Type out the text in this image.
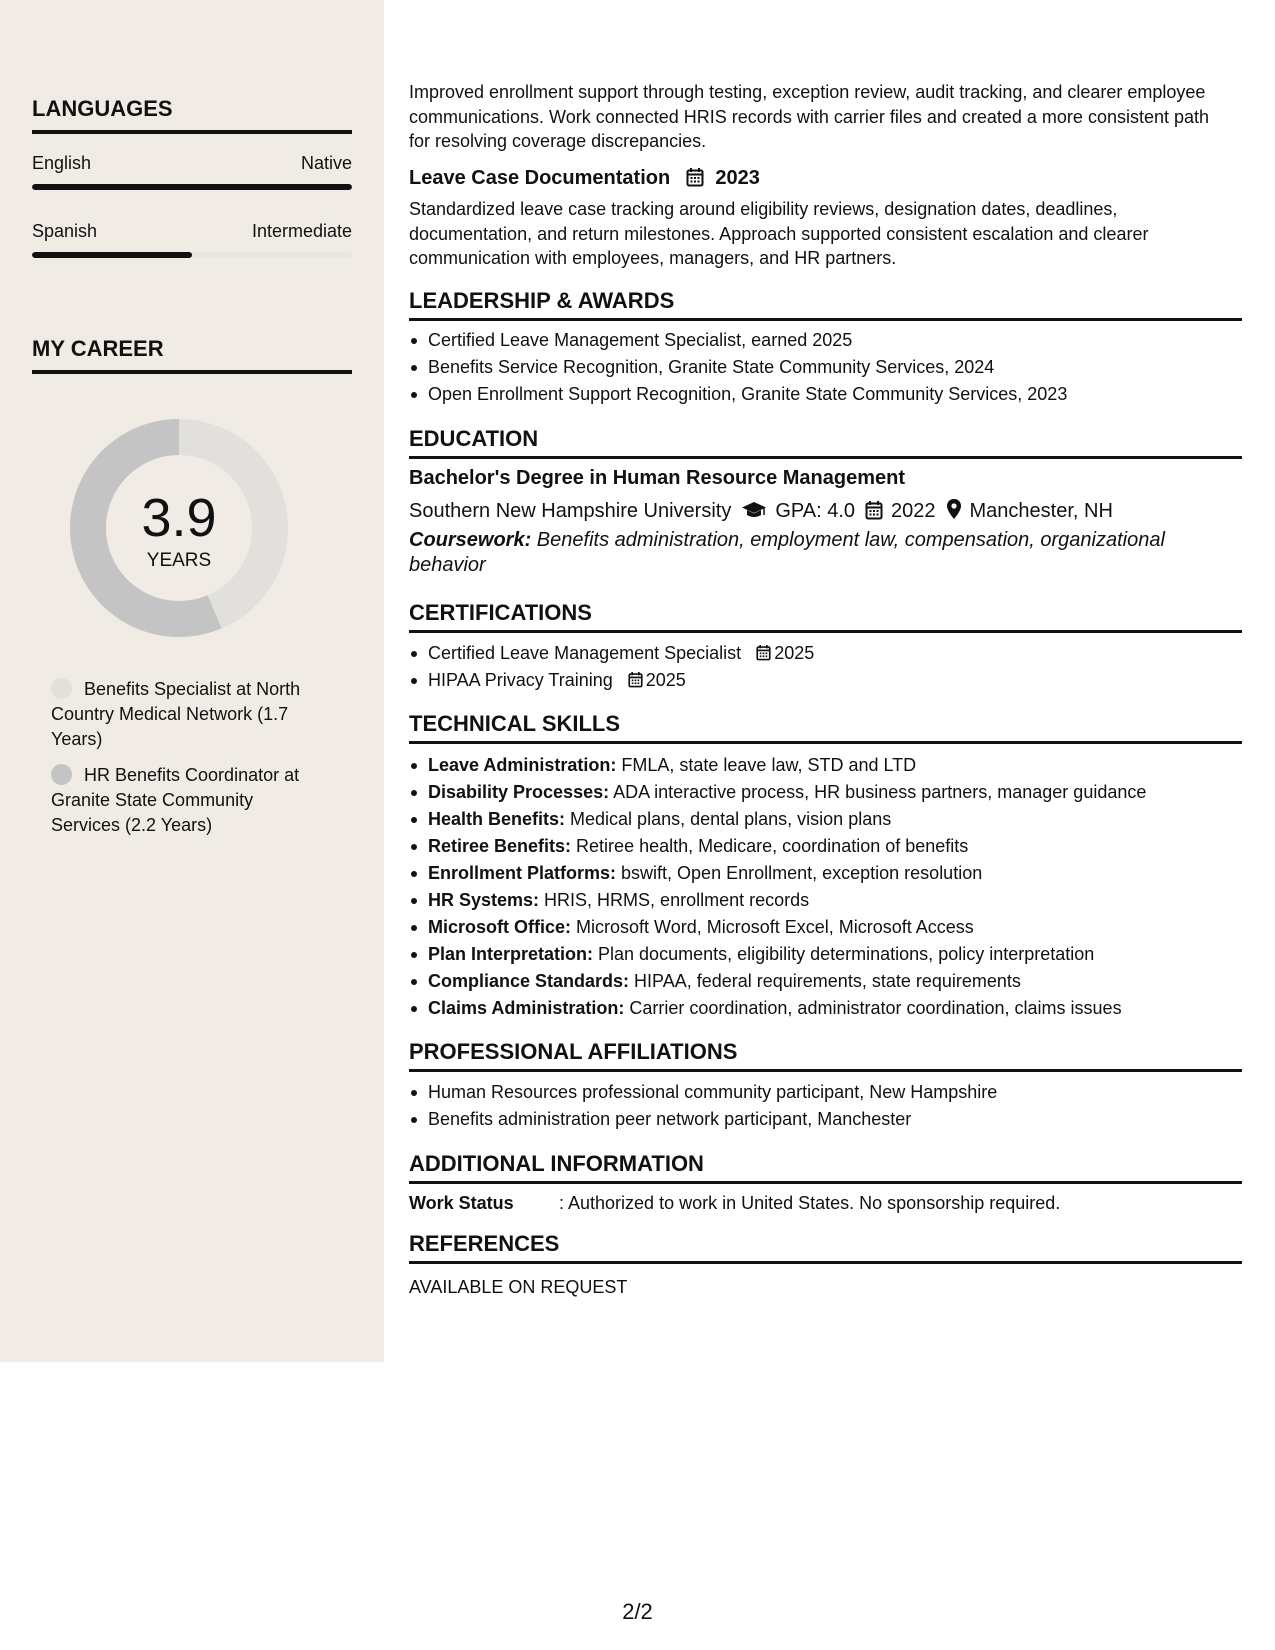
LANGUAGES
English	Native
Spanish	Intermediate
MY CAREER
3.9
YEARS
Benefits Specialist at North Country Medical Network (1.7 Years)
HR Benefits Coordinator at Granite State Community Services (2.2 Years)
Improved enrollment support through testing, exception review, audit tracking, and clearer employee communications. Work connected HRIS records with carrier files and created a more consistent path for resolving coverage discrepancies.
Leave Case Documentation 2023
Standardized leave case tracking around eligibility reviews, designation dates, deadlines, documentation, and return milestones. Approach supported consistent escalation and clearer communication with employees, managers, and HR partners.
LEADERSHIP & AWARDS
Certified Leave Management Specialist, earned 2025
Benefits Service Recognition, Granite State Community Services, 2024
Open Enrollment Support Recognition, Granite State Community Services, 2023
EDUCATION
Bachelor's Degree in Human Resource Management
Southern New Hampshire University GPA: 4.0 2022 Manchester, NH
Coursework: Benefits administration, employment law, compensation, organizational behavior
CERTIFICATIONS
Certified Leave Management Specialist 2025
HIPAA Privacy Training 2025
TECHNICAL SKILLS
Leave Administration: FMLA, state leave law, STD and LTD
Disability Processes: ADA interactive process, HR business partners, manager guidance
Health Benefits: Medical plans, dental plans, vision plans
Retiree Benefits: Retiree health, Medicare, coordination of benefits
Enrollment Platforms: bswift, Open Enrollment, exception resolution
HR Systems: HRIS, HRMS, enrollment records
Microsoft Office: Microsoft Word, Microsoft Excel, Microsoft Access
Plan Interpretation: Plan documents, eligibility determinations, policy interpretation
Compliance Standards: HIPAA, federal requirements, state requirements
Claims Administration: Carrier coordination, administrator coordination, claims issues
PROFESSIONAL AFFILIATIONS
Human Resources professional community participant, New Hampshire
Benefits administration peer network participant, Manchester
ADDITIONAL INFORMATION
Work Status	: Authorized to work in United States. No sponsorship required.
REFERENCES
AVAILABLE ON REQUEST
2/2
